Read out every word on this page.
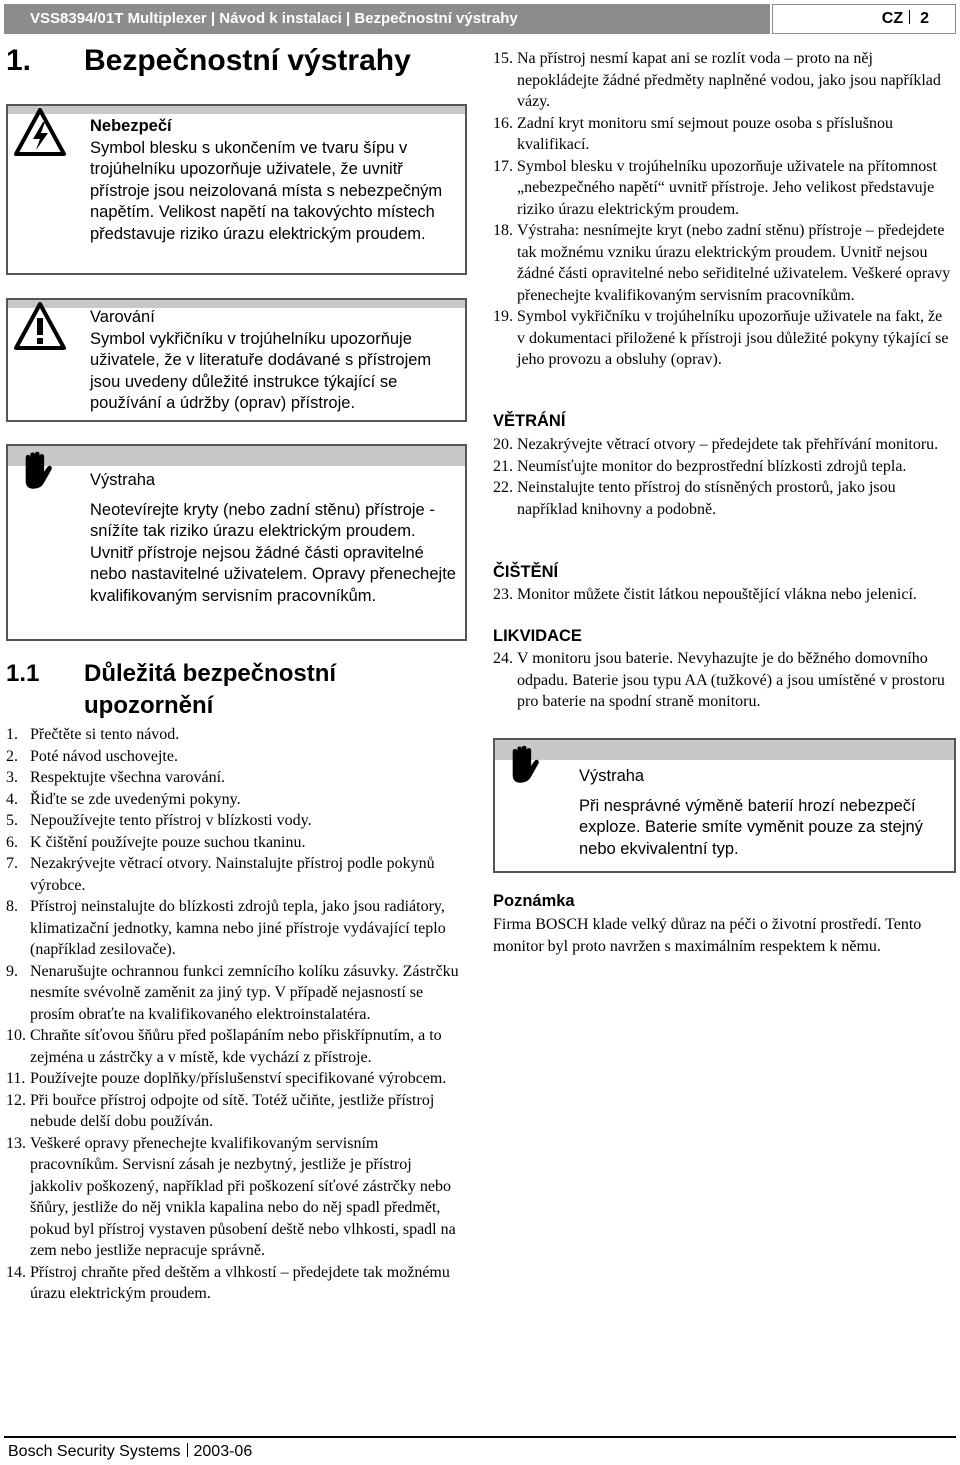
VSS8394/01T Multiplexer | Návod k instalaci | Bezpečnostní výstrahy	CZ 2
1. Bezpečnostní výstrahy
Nebezpečí
Symbol blesku s ukončením ve tvaru šípu v trojúhelníku upozorňuje uživatele, že uvnitř přístroje jsou neizolovaná místa s nebezpečným napětím. Velikost napětí na takovýchto místech představuje riziko úrazu elektrickým proudem.
Varování
Symbol vykřičníku v trojúhelníku upozorňuje uživatele, že v literatuře dodávané s přístrojem jsou uvedeny důležité instrukce týkající se používání a údržby (oprav) přístroje.
Výstraha
Neotevírejte kryty (nebo zadní stěnu) přístroje - snížíte tak riziko úrazu elektrickým proudem. Uvnitř přístroje nejsou žádné části opravitelné nebo nastavitelné uživatelem. Opravy přenechejte kvalifikovaným servisním pracovníkům.
1.1 Důležitá bezpečnostní
upozornění
1. Přečtěte si tento návod.
2. Poté návod uschovejte.
3. Respektujte všechna varování.
4. Řiďte se zde uvedenými pokyny.
5. Nepoužívejte tento přístroj v blízkosti vody.
6. K čištění používejte pouze suchou tkaninu.
7. Nezakrývejte větrací otvory. Nainstalujte přístroj podle pokynů výrobce.
8. Přístroj neinstalujte do blízkosti zdrojů tepla, jako jsou radiátory, klimatizační jednotky, kamna nebo jiné přístroje vydávající teplo (například zesilovače).
9. Nenarušujte ochrannou funkci zemnícího kolíku zásuvky. Zástrčku nesmíte svévolně zaměnit za jiný typ. V případě nejasností se prosím obraťte na kvalifikovaného elektroinstalatéra.
10. Chraňte síťovou šňůru před pošlapáním nebo přiskřípnutím, a to zejména u zástrčky a v místě, kde vychází z přístroje.
11. Používejte pouze doplňky/příslušenství specifikované výrobcem.
12. Při bouřce přístroj odpojte od sítě. Totéž učiňte, jestliže přístroj nebude delší dobu používán.
13. Veškeré opravy přenechejte kvalifikovaným servisním pracovníkům. Servisní zásah je nezbytný, jestliže je přístroj jakkoliv poškozený, například při poškození síťové zástrčky nebo šňůry, jestliže do něj vnikla kapalina nebo do něj spadl předmět, pokud byl přístroj vystaven působení deště nebo vlhkosti, spadl na zem nebo jestliže nepracuje správně.
14. Přístroj chraňte před deštěm a vlhkostí – předejdete tak možnému úrazu elektrickým proudem.
15. Na přístroj nesmí kapat ani se rozlít voda – proto na něj nepokládejte žádné předměty naplněné vodou, jako jsou například vázy.
16. Zadní kryt monitoru smí sejmout pouze osoba s příslušnou kvalifikací.
17. Symbol blesku v trojúhelníku upozorňuje uživatele na přítomnost „nebezpečného napětí“ uvnitř přístroje. Jeho velikost představuje riziko úrazu elektrickým proudem.
18. Výstraha: nesnímejte kryt (nebo zadní stěnu) přístroje – předejdete tak možnému vzniku úrazu elektrickým proudem. Uvnitř nejsou žádné části opravitelné nebo seřiditelné uživatelem. Veškeré opravy přenechejte kvalifikovaným servisním pracovníkům.
19. Symbol vykřičníku v trojúhelníku upozorňuje uživatele na fakt, že v dokumentaci přiložené k přístroji jsou důležité pokyny týkající se jeho provozu a obsluhy (oprav).
VĚTRÁNÍ
20. Nezakrývejte větrací otvory – předejdete tak přehřívání monitoru.
21. Neumísťujte monitor do bezprostřední blízkosti zdrojů tepla.
22. Neinstalujte tento přístroj do stísněných prostorů, jako jsou například knihovny a podobně.
ČIŠTĚNÍ
23. Monitor můžete čistit látkou nepouštějící vlákna nebo jelenicí.
LIKVIDACE
24. V monitoru jsou baterie. Nevyhazujte je do běžného domovního odpadu. Baterie jsou typu AA (tužkové) a jsou umístěné v prostoru pro baterie na spodní straně monitoru.
Výstraha
Při nesprávné výměně baterií hrozí nebezpečí exploze. Baterie smíte vyměnit pouze za stejný nebo ekvivalentní typ.
Poznámka
Firma BOSCH klade velký důraz na péči o životní prostředí. Tento monitor byl proto navržen s maximálním respektem k němu.
Bosch Security Systems 2003-06
